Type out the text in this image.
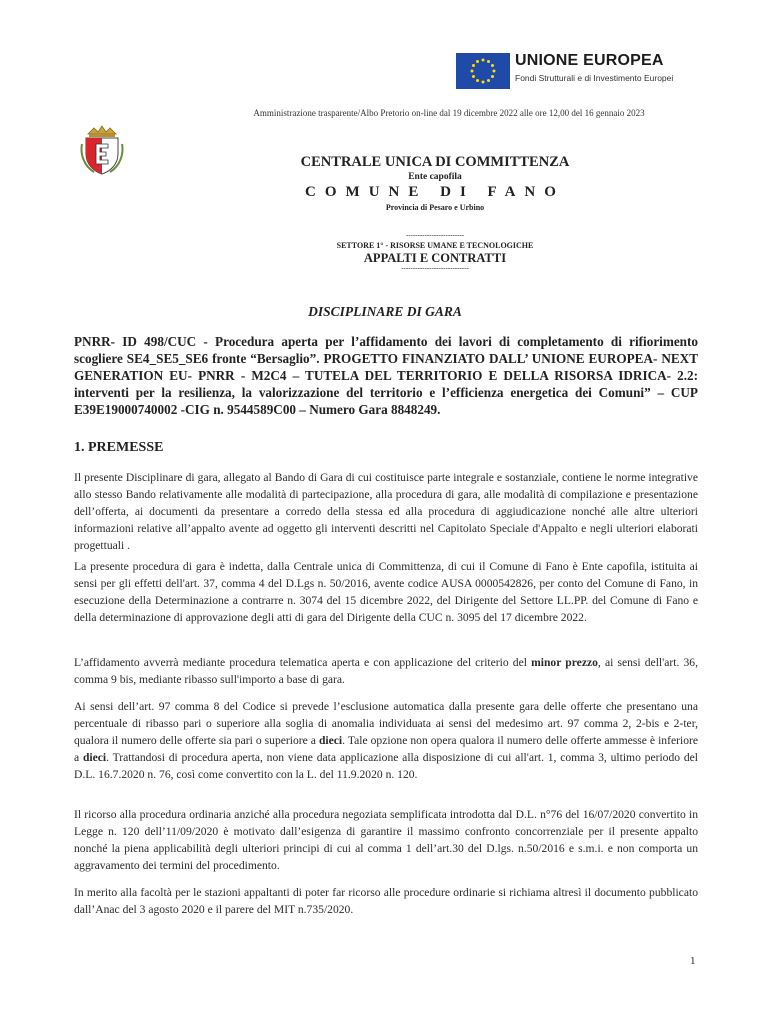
UNIONE EUROPEA
Fondi Strutturali e di Investimento Europei
Amministrazione trasparente/Albo Pretorio on-line dal 19 dicembre 2022 alle ore 12,00 del 16 gennaio 2023
CENTRALE UNICA DI COMMITTENZA
Ente capofila
COMUNE DI FANO
Provincia di Pesaro e Urbino
-------------------------
SETTORE 1° - RISORSE UMANE E TECNOLOGICHE
APPALTI E CONTRATTI
-----------------------------
DISCIPLINARE DI GARA
PNRR- ID 498/CUC - Procedura aperta per l’affidamento dei lavori di completamento di rifiorimento scogliere SE4_SE5_SE6 fronte “Bersaglio”. PROGETTO FINANZIATO DALL’ UNIONE EUROPEA- NEXT GENERATION EU- PNRR - M2C4 – TUTELA DEL TERRITORIO E DELLA RISORSA IDRICA- 2.2: interventi per la resilienza, la valorizzazione del territorio e l’efficienza energetica dei Comuni” – CUP E39E19000740002 -CIG n. 9544589C00 – Numero Gara 8848249.
1. PREMESSE
Il presente Disciplinare di gara, allegato al Bando di Gara di cui costituisce parte integrale e sostanziale, contiene le norme integrative allo stesso Bando relativamente alle modalità di partecipazione, alla procedura di gara, alle modalità di compilazione e presentazione dell’offerta, ai documenti da presentare a corredo della stessa ed alla procedura di aggiudicazione nonché alle altre ulteriori informazioni relative all’appalto avente ad oggetto gli interventi descritti nel Capitolato Speciale d'Appalto e negli ulteriori elaborati progettuali .
La presente procedura di gara è indetta, dalla Centrale unica di Committenza, di cui il Comune di Fano è Ente capofila, istituita ai sensi per gli effetti dell'art. 37, comma 4 del D.Lgs n. 50/2016, avente codice AUSA 0000542826, per conto del Comune di Fano, in esecuzione della Determinazione a contrarre n. 3074 del 15 dicembre 2022, del Dirigente del Settore LL.PP. del Comune di Fano e della determinazione di approvazione degli atti di gara del Dirigente della CUC n. 3095 del 17 dicembre 2022.
L’affidamento avverrà mediante procedura telematica aperta e con applicazione del criterio del minor prezzo, ai sensi dell'art. 36, comma 9 bis, mediante ribasso sull'importo a base di gara.
Ai sensi dell’art. 97 comma 8 del Codice si prevede l’esclusione automatica dalla presente gara delle offerte che presentano una percentuale di ribasso pari o superiore alla soglia di anomalia individuata ai sensi del medesimo art. 97 comma 2, 2-bis e 2-ter, qualora il numero delle offerte sia pari o superiore a dieci. Tale opzione non opera qualora il numero delle offerte ammesse è inferiore a dieci. Trattandosi di procedura aperta, non viene data applicazione alla disposizione di cui all'art. 1, comma 3, ultimo periodo del D.L. 16.7.2020 n. 76, così come convertito con la L. del 11.9.2020 n. 120.
Il ricorso alla procedura ordinaria anziché alla procedura negoziata semplificata introdotta dal D.L. n°76 del 16/07/2020 convertito in Legge n. 120 dell’11/09/2020 è motivato dall’esigenza di garantire il massimo confronto concorrenziale per il presente appalto nonché la piena applicabilità degli ulteriori principi di cui al comma 1 dell’art.30 del D.lgs. n.50/2016 e s.m.i. e non comporta un aggravamento dei termini del procedimento.
In merito alla facoltà per le stazioni appaltanti di poter far ricorso alle procedure ordinarie si richiama altresì il documento pubblicato dall’Anac del 3 agosto 2020 e il parere del MIT n.735/2020.
1
